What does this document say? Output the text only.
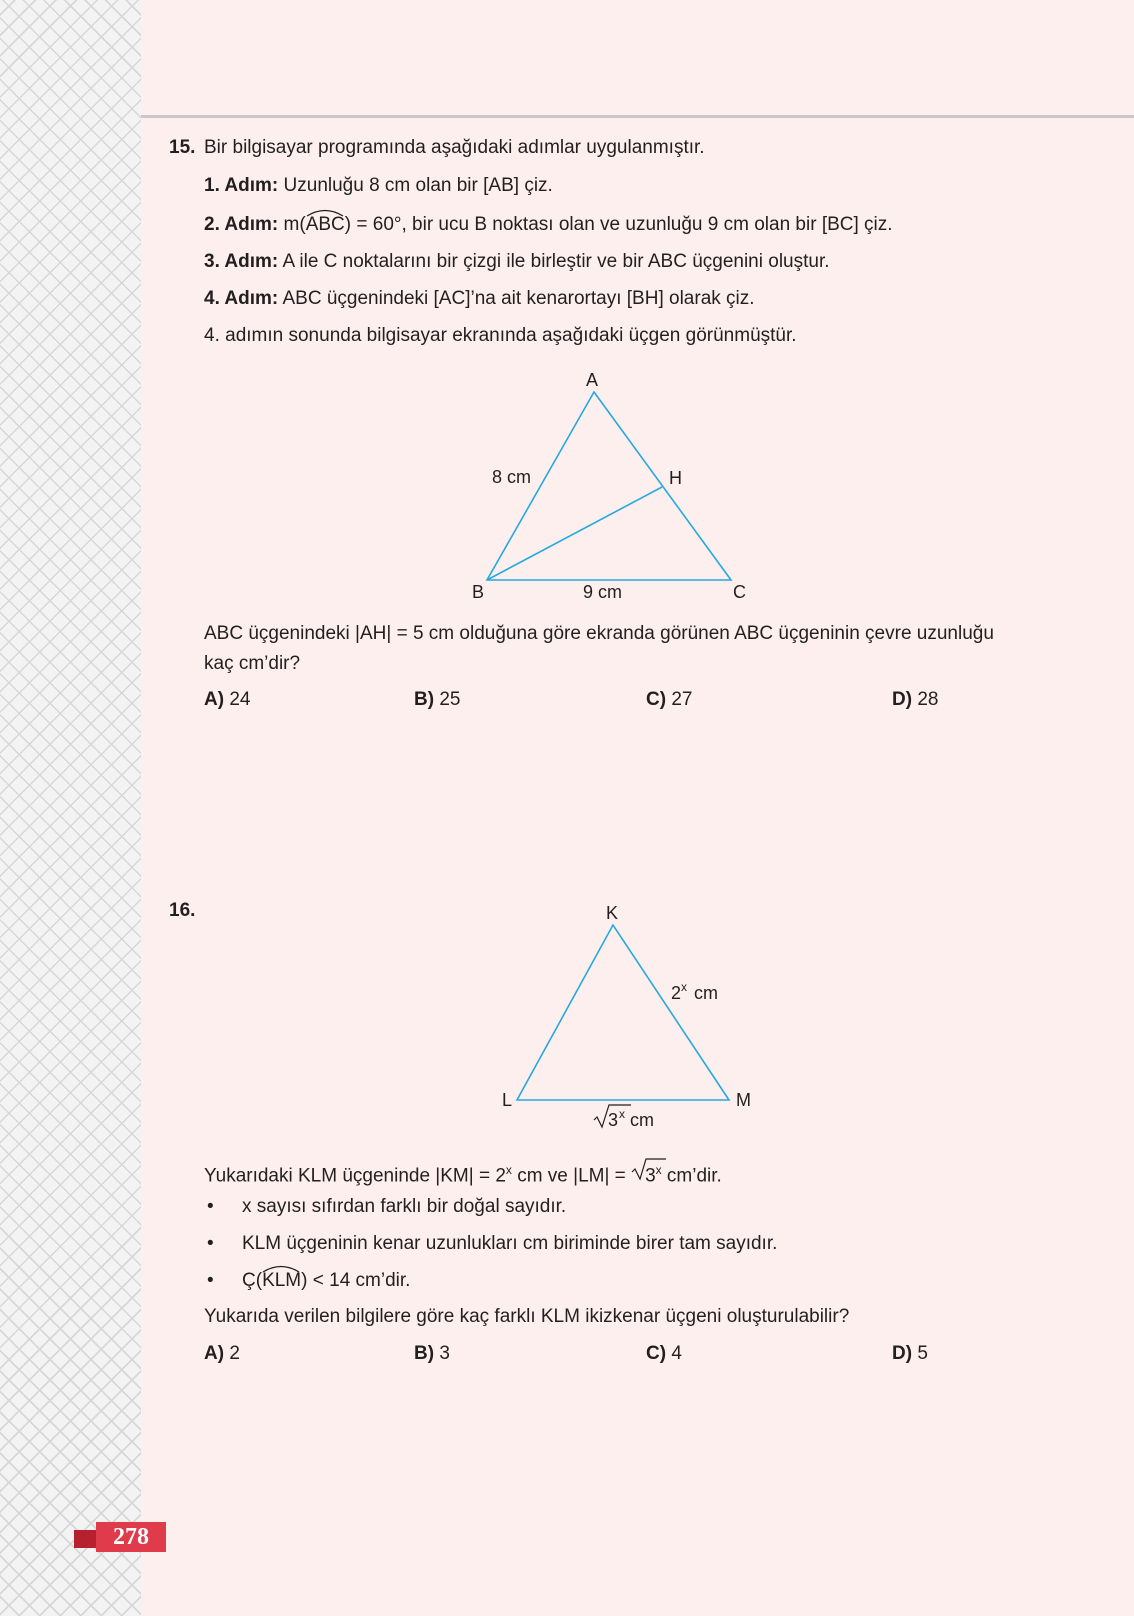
15. Bir bilgisayar programında aşağıdaki adımlar uygulanmıştır.
1. Adım: Uzunluğu 8 cm olan bir [AB] çiz.
2. Adım: m(
ABC) = 60°, bir ucu B noktası olan ve uzunluğu 9 cm olan bir [BC] çiz.
3. Adım: A ile C noktalarını bir çizgi ile birleştir ve bir ABC üçgenini oluştur.
4. Adım: ABC üçgenindeki [AC]’na ait kenarortayı [BH] olarak çiz.
4. adımın sonunda bilgisayar ekranında aşağıdaki üçgen görünmüştür.
A
H
8 cm
B	9 cm	C
ABC üçgenindeki |AH| = 5 cm olduğuna göre ekranda görünen ABC üçgeninin çevre uzunluğu
kaç cm’dir?
A) 24	B) 25	C) 27	D) 28
16.	K
L	M
2 x cm
3 x cm
Yukarıdaki KLM üçgeninde $|KM| = 2^x$ cm ve $|LM| = 3^x$ cm’dir.
• x sayısı sıfırdan farklı bir doğal sayıdır.
• KLM üçgeninin kenar uzunlukları cm biriminde birer tam sayıdır.
• Ç(
KLM) < 14 cm’dir.
Yukarıda verilen bilgilere göre kaç farklı KLM ikizkenar üçgeni oluşturulabilir?
A) 2	B) 3	C) 4	D) 5
278
